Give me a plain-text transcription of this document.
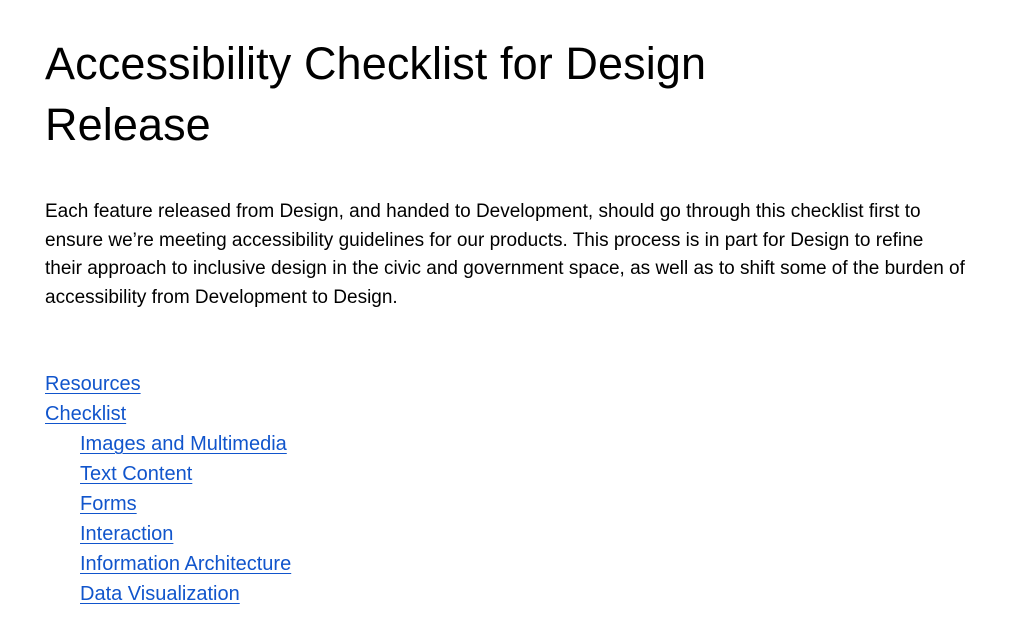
Accessibility Checklist for Design Release

Each feature released from Design, and handed to Development, should go through this checklist first to ensure we’re meeting accessibility guidelines for our products. This process is in part for Design to refine their approach to inclusive design in the civic and government space, as well as to shift some of the burden of accessibility from Development to Design.

Resources
Checklist
Images and Multimedia
Text Content
Forms
Interaction
Information Architecture
Data Visualization
